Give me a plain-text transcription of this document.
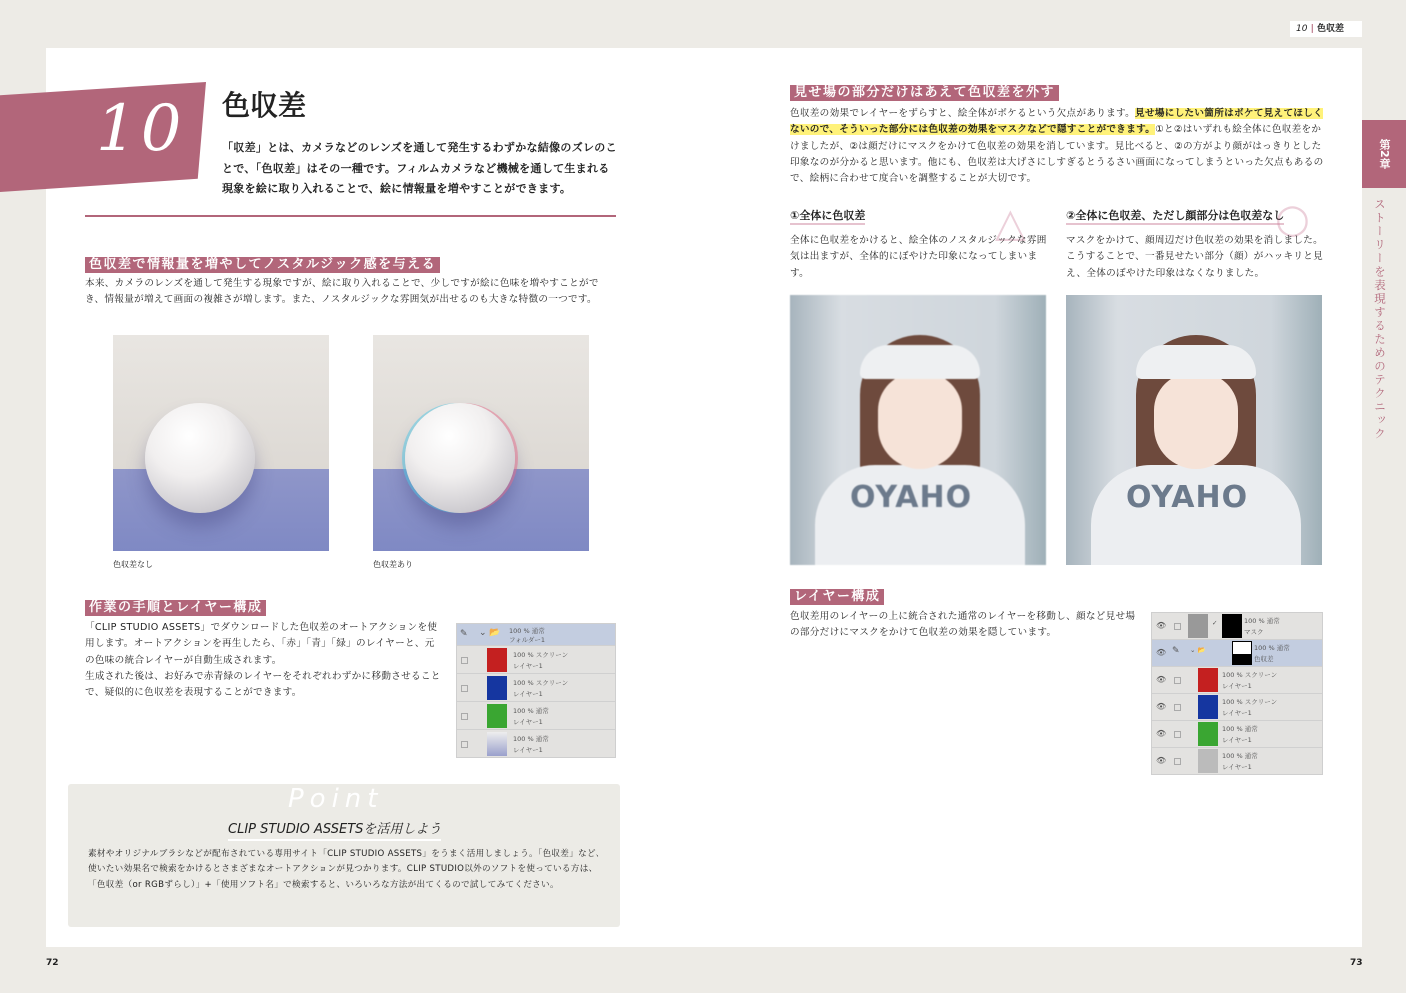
10 | 色収差
第2章
ストーリーを表現するためのテクニック
10 色収差
「収差」とは、カメラなどのレンズを通して発生するわずかな結像のズレのことで、「色収差」はその一種です。フィルムカメラなど機械を通して生まれる現象を絵に取り入れることで、絵に情報量を増やすことができます。
色収差で情報量を増やしてノスタルジック感を与える
本来、カメラのレンズを通して発生する現象ですが、絵に取り入れることで、少しですが絵に色味を増やすことができ、情報量が増えて画面の複雑さが増します。また、ノスタルジックな雰囲気が出せるのも大きな特徴の一つです。
色収差なし	色収差あり
作業の手順とレイヤー構成
「CLIP STUDIO ASSETS」でダウンロードした色収差のオートアクションを使用します。オートアクションを再生したら､「赤」「青」「緑」のレイヤーと、元の色味の統合レイヤーが自動生成されます。
生成された後は、お好みで赤青緑のレイヤーをそれぞれわずかに移動させることで、疑似的に色収差を表現することができます。
✎ ⌄ 📂 100 % 通常
フォルダー1
100 % スクリーン
レイヤー1
100 % スクリーン
レイヤー1
100 % 通常
レイヤー1
100 % 通常
レイヤー1
Point
CLIP STUDIO ASSETSを活用しよう
素材やオリジナルブラシなどが配布されている専用サイト「CLIP STUDIO ASSETS」をうまく活用しましょう。「色収差」など､使いたい効果名で検索をかけるとさまざまなオートアクションが見つかります。CLIP STUDIO以外のソフトを使っている方は、「色収差（or RGBずらし）」+「使用ソフト名」で検索すると、いろいろな方法が出てくるので試してみてください。
72
見せ場の部分だけはあえて色収差を外す
色収差の効果でレイヤーをずらすと、絵全体がボケるという欠点があります。見せ場にしたい箇所はボケて見えてほしくないので、そういった部分には色収差の効果をマスクなどで隠すことができます。①と②はいずれも絵全体に色収差をかけましたが、②は顔だけにマスクをかけて色収差の効果を消しています。見比べると、②の方がより顔がはっきりとした印象なのが分かると思います。他にも、色収差は大げさにしすぎるとうるさい画面になってしまうといった欠点もあるので、絵柄に合わせて度合いを調整することが大切です。
①全体に色収差	△
全体に色収差をかけると、絵全体のノスタルジックな雰囲気は出ますが、全体的にぼやけた印象になってしまいます。
②全体に色収差、ただし顔部分は色収差なし
○
マスクをかけて、顔周辺だけ色収差の効果を消しました。こうすることで、一番見せたい部分（顔）がハッキリと見え、全体のぼやけた印象はなくなりました。
OYAHO	OYAHO
レイヤー構成
色収差用のレイヤーの上に統合された通常のレイヤーを移動し、顔など見せ場の部分だけにマスクをかけて色収差の効果を隠しています。
👁	✓	100 % 通常
マスク
👁 ✎ ⌄ 📂	100 % 通常
色収差
👁	100 % スクリーン
レイヤー1
👁	100 % スクリーン
レイヤー1
👁	100 % 通常
レイヤー1
👁	100 % 通常
レイヤー1
73
